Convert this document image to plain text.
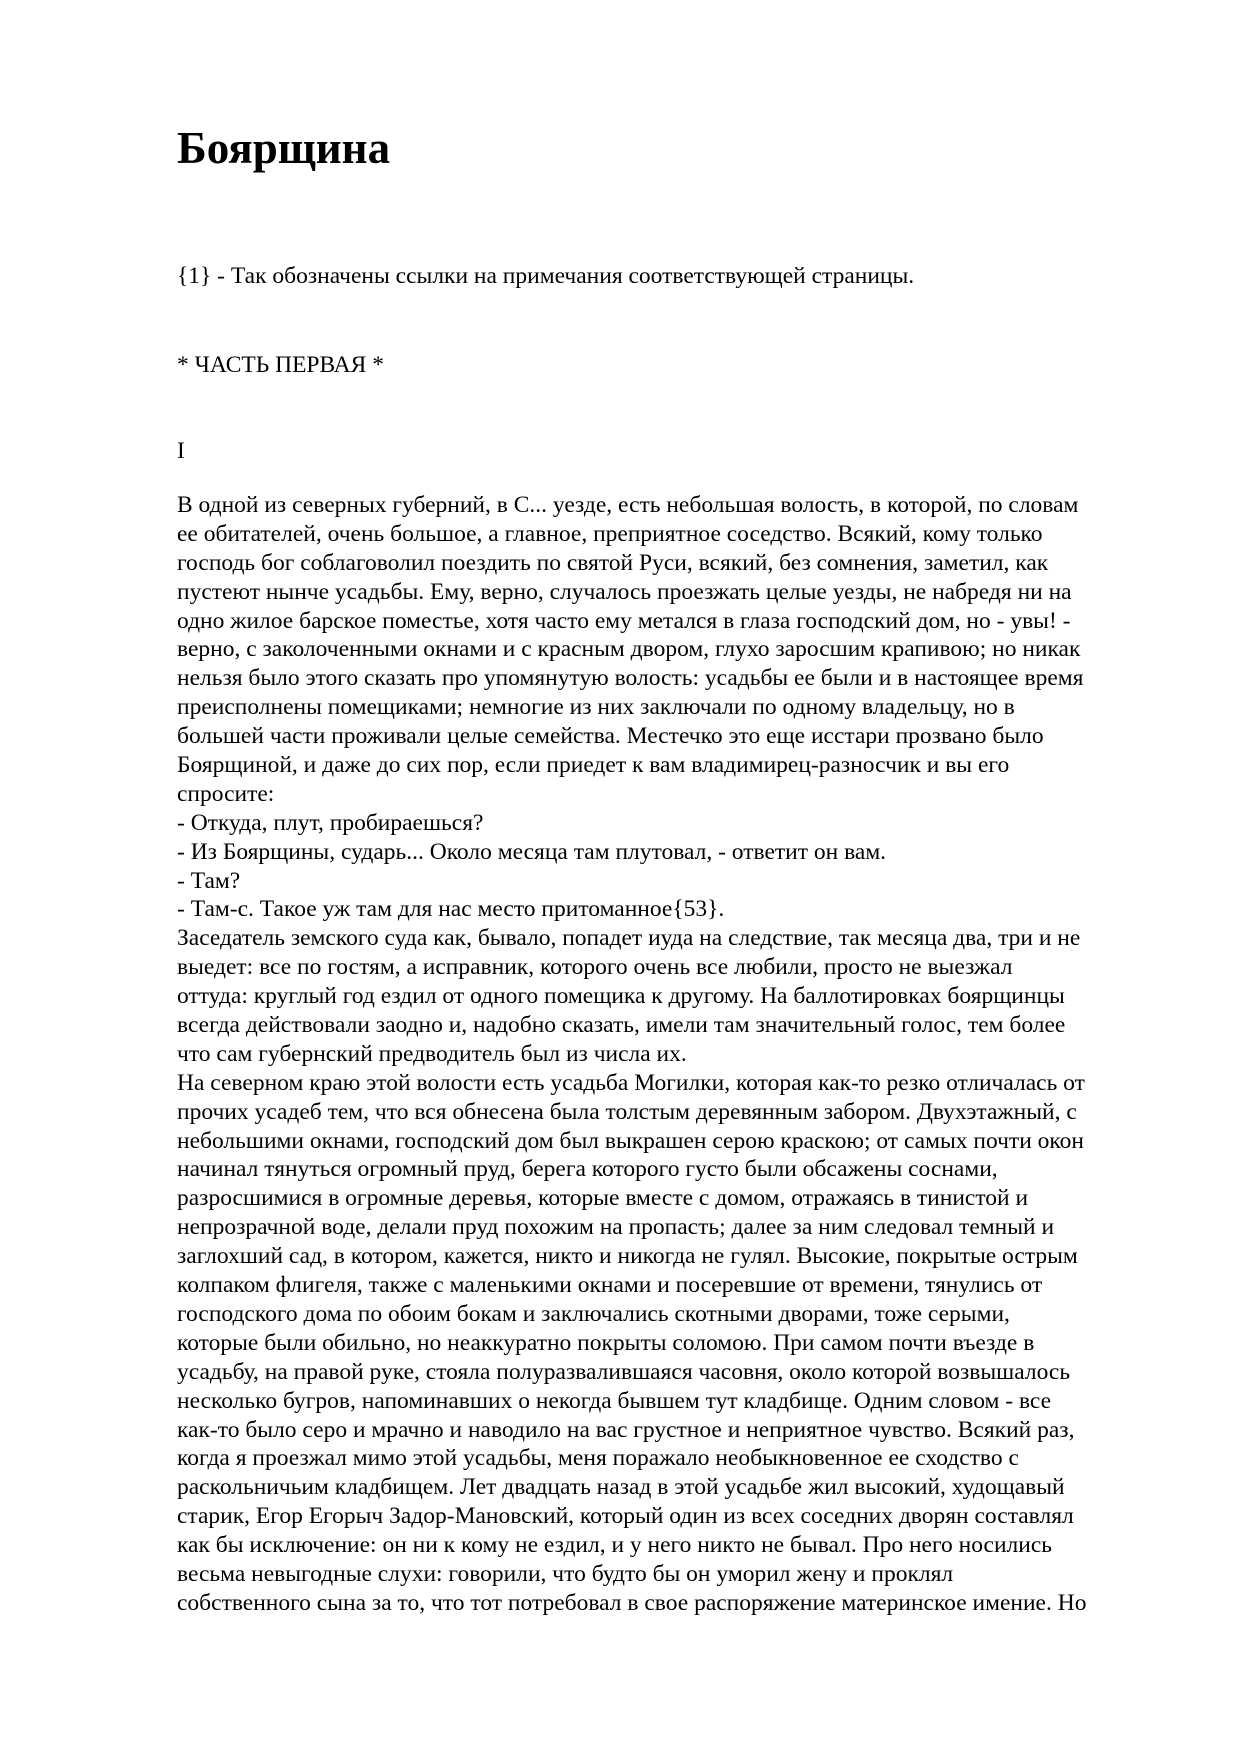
Боярщина

{1} - Так обозначены ссылки на примечания соответствующей страницы.

* ЧАСТЬ ПЕРВАЯ *

I

В одной из северных губерний, в С... уезде, есть небольшая волость, в которой, по словам
ее обитателей, очень большое, а главное, преприятное соседство. Всякий, кому только
господь бог соблаговолил поездить по святой Руси, всякий, без сомнения, заметил, как
пустеют нынче усадьбы. Ему, верно, случалось проезжать целые уезды, не набредя ни на
одно жилое барское поместье, хотя часто ему метался в глаза господский дом, но - увы! -
верно, с заколоченными окнами и с красным двором, глухо заросшим крапивою; но никак
нельзя было этого сказать про упомянутую волость: усадьбы ее были и в настоящее время
преисполнены помещиками; немногие из них заключали по одному владельцу, но в
большей части проживали целые семейства. Местечко это еще исстари прозвано было
Боярщиной, и даже до сих пор, если приедет к вам владимирец-разносчик и вы его
спросите:
- Откуда, плут, пробираешься?
- Из Боярщины, сударь... Около месяца там плутовал, - ответит он вам.
- Там?
- Там-с. Такое уж там для нас место притоманное{53}.
Заседатель земского суда как, бывало, попадет иуда на следствие, так месяца два, три и не
выедет: все по гостям, а исправник, которого очень все любили, просто не выезжал
оттуда: круглый год ездил от одного помещика к другому. На баллотировках боярщинцы
всегда действовали заодно и, надобно сказать, имели там значительный голос, тем более
что сам губернский предводитель был из числа их.
На северном краю этой волости есть усадьба Могилки, которая как-то резко отличалась от
прочих усадеб тем, что вся обнесена была толстым деревянным забором. Двухэтажный, с
небольшими окнами, господский дом был выкрашен серою краскою; от самых почти окон
начинал тянуться огромный пруд, берега которого густо были обсажены соснами,
разросшимися в огромные деревья, которые вместе с домом, отражаясь в тинистой и
непрозрачной воде, делали пруд похожим на пропасть; далее за ним следовал темный и
заглохший сад, в котором, кажется, никто и никогда не гулял. Высокие, покрытые острым
колпаком флигеля, также с маленькими окнами и посеревшие от времени, тянулись от
господского дома по обоим бокам и заключались скотными дворами, тоже серыми,
которые были обильно, но неаккуратно покрыты соломою. При самом почти въезде в
усадьбу, на правой руке, стояла полуразвалившаяся часовня, около которой возвышалось
несколько бугров, напоминавших о некогда бывшем тут кладбище. Одним словом - все
как-то было серо и мрачно и наводило на вас грустное и неприятное чувство. Всякий раз,
когда я проезжал мимо этой усадьбы, меня поражало необыкновенное ее сходство с
раскольничьим кладбищем. Лет двадцать назад в этой усадьбе жил высокий, худощавый
старик, Егор Егорыч Задор-Мановский, который один из всех соседних дворян составлял
как бы исключение: он ни к кому не ездил, и у него никто не бывал. Про него носились
весьма невыгодные слухи: говорили, что будто бы он уморил жену и проклял
собственного сына за то, что тот потребовал в свое распоряжение материнское имение. Но
